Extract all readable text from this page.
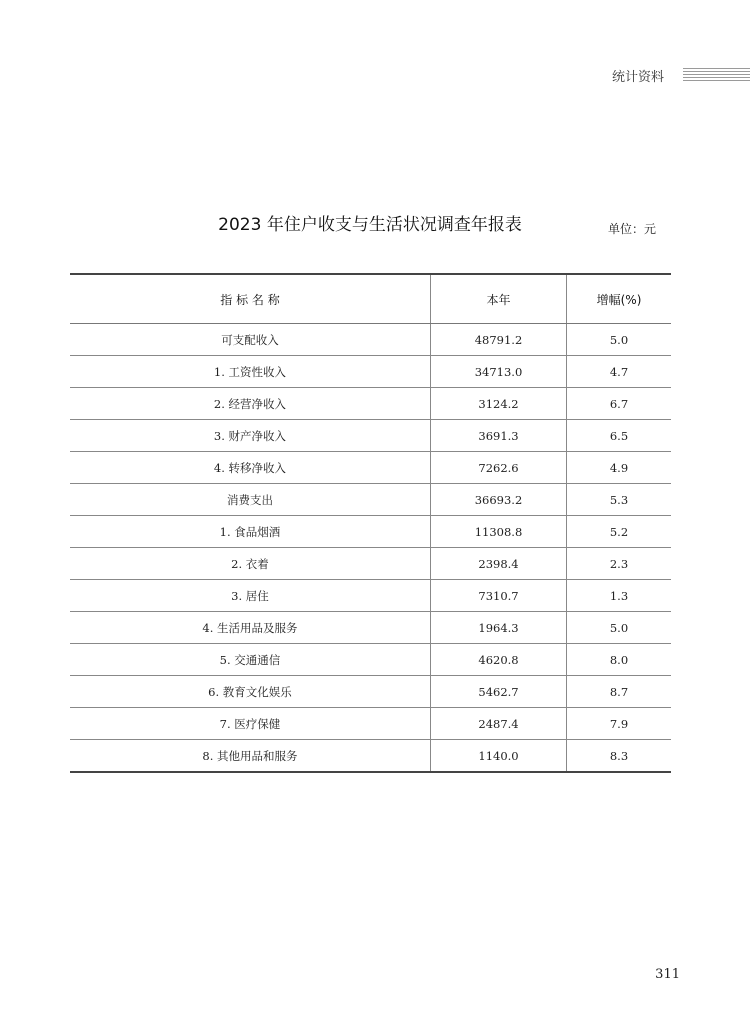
统计资料
2023 年住户收支与生活状况调查年报表	单位：元
指 标 名 称	本年	增幅(%)
可支配收入	48791.2	5.0
1. 工资性收入	34713.0	4.7
2. 经营净收入	3124.2	6.7
3. 财产净收入	3691.3	6.5
4. 转移净收入	7262.6	4.9
消费支出	36693.2	5.3
1. 食品烟酒	11308.8	5.2
2. 衣着	2398.4	2.3
3. 居住	7310.7	1.3
4. 生活用品及服务	1964.3	5.0
5. 交通通信	4620.8	8.0
6. 教育文化娱乐	5462.7	8.7
7. 医疗保健	2487.4	7.9
8. 其他用品和服务	1140.0	8.3
311
